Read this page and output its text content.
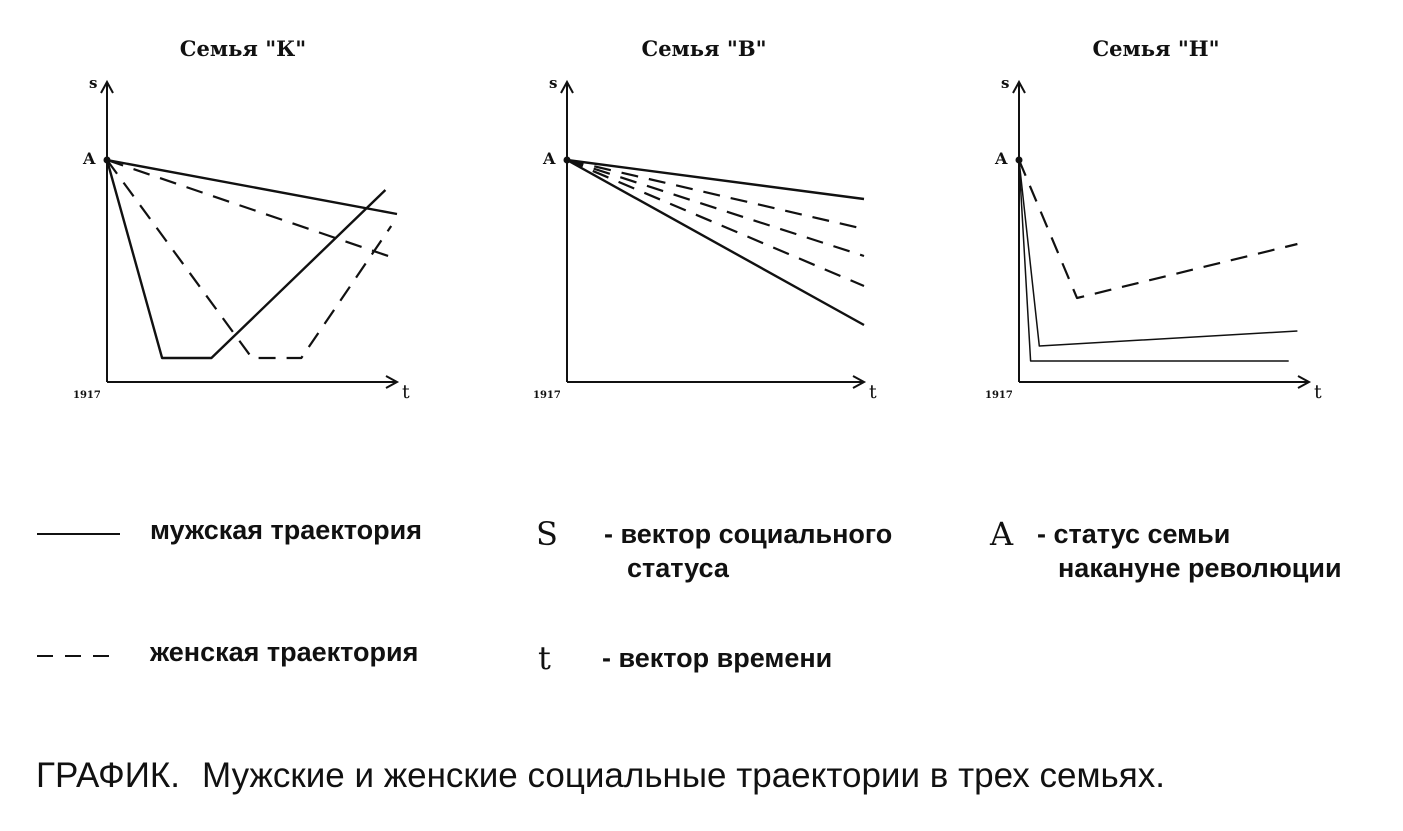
Семья "К"	Семья "В"	Семья "Н"
s
t
1917
A
s
t
1917
A
s
t
1917
A
мужская траектория
женская траектория
S - вектор социального
статуса
t - вектор времени
A - статус семьи
накануне революции
ГРАФИК. Мужские и женские социальные траектории в трех семьях.
